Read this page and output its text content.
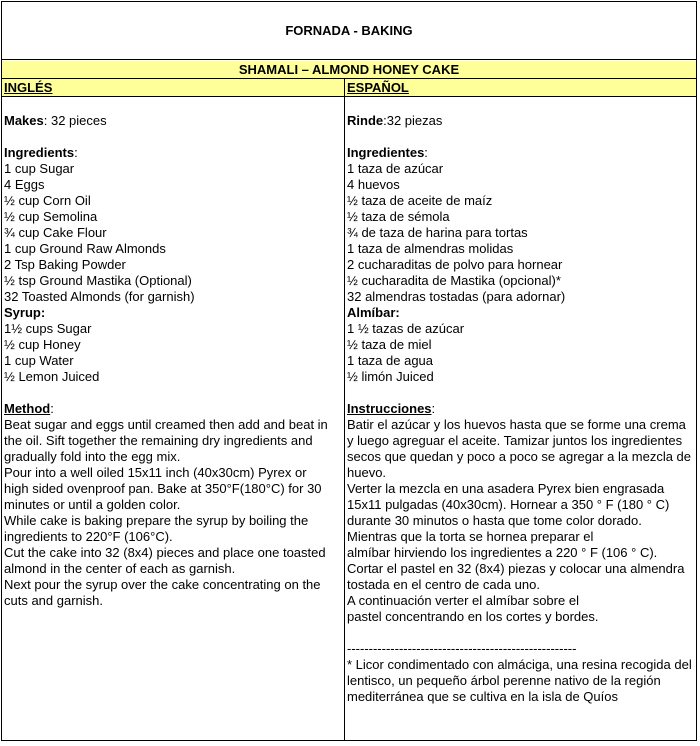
FORNADA - BAKING
SHAMALI – ALMOND HONEY CAKE
INGLÉS
Makes: 32 pieces
Ingredients:
1 cup Sugar
4 Eggs
½ cup Corn Oil
½ cup Semolina
¾ cup Cake Flour
1 cup Ground Raw Almonds
2 Tsp Baking Powder
½ tsp Ground Mastika (Optional)
32 Toasted Almonds (for garnish)
Syrup:
1½ cups Sugar
½ cup Honey
1 cup Water
½ Lemon Juiced
Method:
Beat sugar and eggs until creamed then add and beat in the oil. Sift together the remaining dry ingredients and gradually fold into the egg mix.
Pour into a well oiled 15x11 inch (40x30cm) Pyrex or high sided ovenproof pan. Bake at 350°F(180°C) for 30 minutes or until a golden color.
While cake is baking prepare the syrup by boiling the ingredients to 220°F (106°C).
Cut the cake into 32 (8x4) pieces and place one toasted almond in the center of each as garnish.
Next pour the syrup over the cake concentrating on the cuts and garnish.
ESPAÑOL
Rinde:32 piezas
Ingredientes:
1 taza de azúcar
4 huevos
½ taza de aceite de maíz
½ taza de sémola
¾ de taza de harina para tortas
1 taza de almendras molidas
2 cucharaditas de polvo para hornear
½ cucharadita de Mastika (opcional)*
32 almendras tostadas (para adornar)
Almíbar:
1 ½ tazas de azúcar
½ taza de miel
1 taza de agua
½ limón Juiced
Instrucciones:
Batir el azúcar y los huevos hasta que se forme una crema y luego agreguar el aceite. Tamizar juntos los ingredientes secos que quedan y poco a poco se agregar a la mezcla de huevo.
Verter la mezcla en una asadera Pyrex bien engrasada 15x11 pulgadas (40x30cm). Hornear a 350 ° F (180 ° C) durante 30 minutos o hasta que tome color dorado.
Mientras que la torta se hornea preparar el
almíbar hirviendo los ingredientes a 220 ° F (106 ° C).
Cortar el pastel en 32 (8x4) piezas y colocar una almendra tostada en el centro de cada uno.
A continuación verter el almíbar sobre el
pastel concentrando en los cortes y bordes.
-----------------------------------------------------
* Licor condimentado con almáciga, una resina recogida del lentisco, un pequeño árbol perenne nativo de la región mediterránea que se cultiva en la isla de Quíos
